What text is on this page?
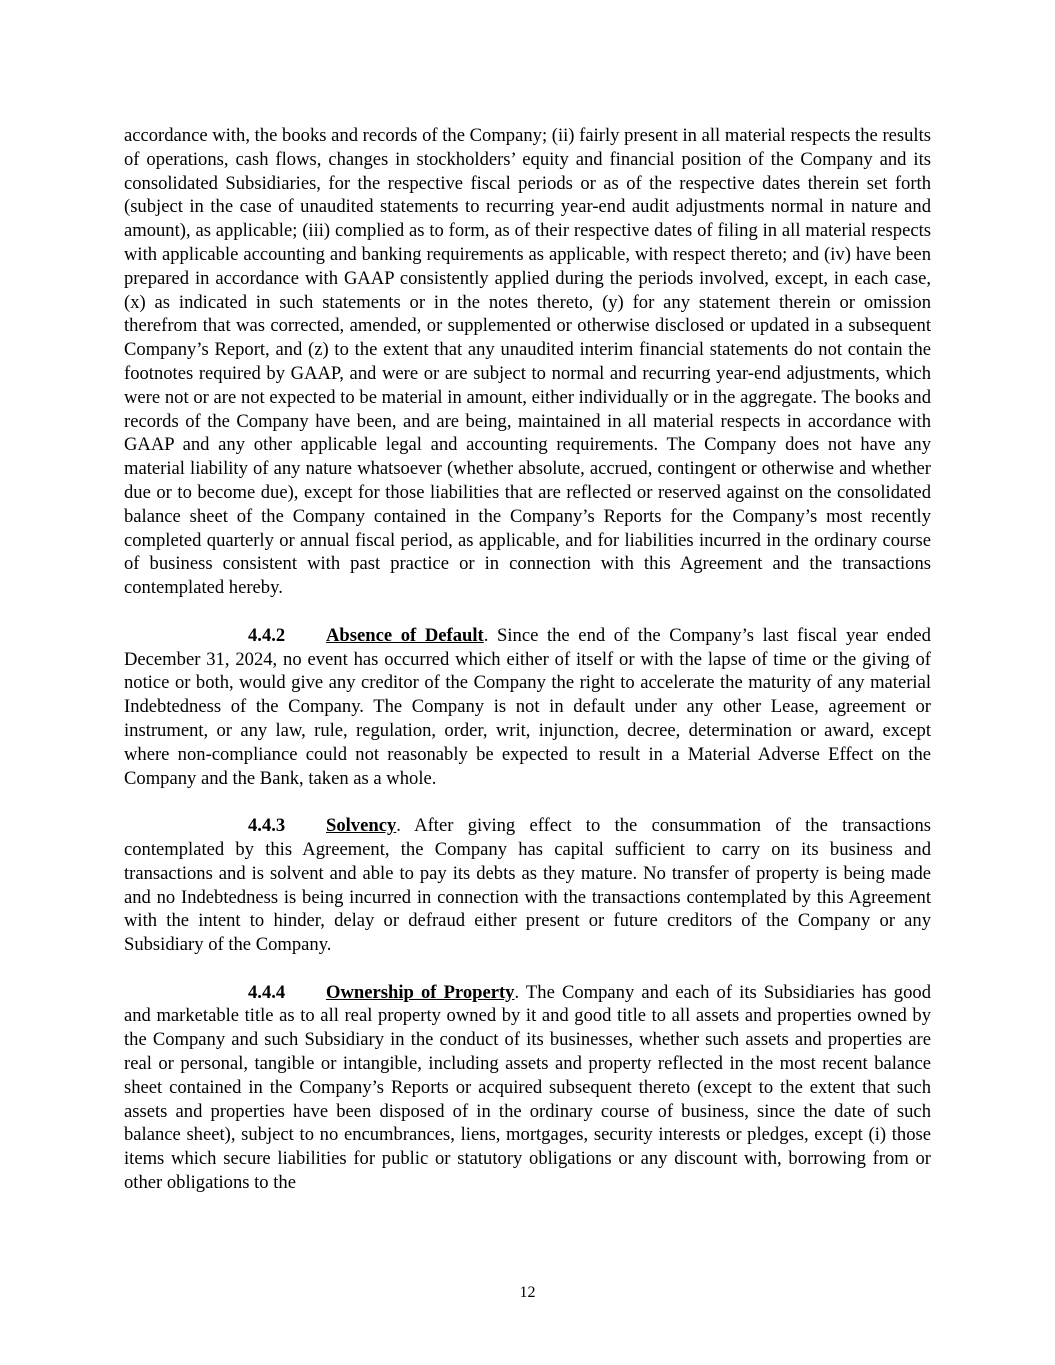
accordance with, the books and records of the Company; (ii) fairly present in all material respects the results of operations, cash flows, changes in stockholders’ equity and financial position of the Company and its consolidated Subsidiaries, for the respective fiscal periods or as of the respective dates therein set forth (subject in the case of unaudited statements to recurring year-end audit adjustments normal in nature and amount), as applicable; (iii) complied as to form, as of their respective dates of filing in all material respects with applicable accounting and banking requirements as applicable, with respect thereto; and (iv) have been prepared in accordance with GAAP consistently applied during the periods involved, except, in each case, (x) as indicated in such statements or in the notes thereto, (y) for any statement therein or omission therefrom that was corrected, amended, or supplemented or otherwise disclosed or updated in a subsequent Company’s Report, and (z) to the extent that any unaudited interim financial statements do not contain the footnotes required by GAAP, and were or are subject to normal and recurring year-end adjustments, which were not or are not expected to be material in amount, either individually or in the aggregate. The books and records of the Company have been, and are being, maintained in all material respects in accordance with GAAP and any other applicable legal and accounting requirements. The Company does not have any material liability of any nature whatsoever (whether absolute, accrued, contingent or otherwise and whether due or to become due), except for those liabilities that are reflected or reserved against on the consolidated balance sheet of the Company contained in the Company’s Reports for the Company’s most recently completed quarterly or annual fiscal period, as applicable, and for liabilities incurred in the ordinary course of business consistent with past practice or in connection with this Agreement and the transactions contemplated hereby.

4.4.2 Absence of Default. Since the end of the Company’s last fiscal year ended December 31, 2024, no event has occurred which either of itself or with the lapse of time or the giving of notice or both, would give any creditor of the Company the right to accelerate the maturity of any material Indebtedness of the Company. The Company is not in default under any other Lease, agreement or instrument, or any law, rule, regulation, order, writ, injunction, decree, determination or award, except where non-compliance could not reasonably be expected to result in a Material Adverse Effect on the Company and the Bank, taken as a whole.

4.4.3 Solvency. After giving effect to the consummation of the transactions contemplated by this Agreement, the Company has capital sufficient to carry on its business and transactions and is solvent and able to pay its debts as they mature. No transfer of property is being made and no Indebtedness is being incurred in connection with the transactions contemplated by this Agreement with the intent to hinder, delay or defraud either present or future creditors of the Company or any Subsidiary of the Company.

4.4.4 Ownership of Property. The Company and each of its Subsidiaries has good and marketable title as to all real property owned by it and good title to all assets and properties owned by the Company and such Subsidiary in the conduct of its businesses, whether such assets and properties are real or personal, tangible or intangible, including assets and property reflected in the most recent balance sheet contained in the Company’s Reports or acquired subsequent thereto (except to the extent that such assets and properties have been disposed of in the ordinary course of business, since the date of such balance sheet), subject to no encumbrances, liens, mortgages, security interests or pledges, except (i) those items which secure liabilities for public or statutory obligations or any discount with, borrowing from or other obligations to the

12
